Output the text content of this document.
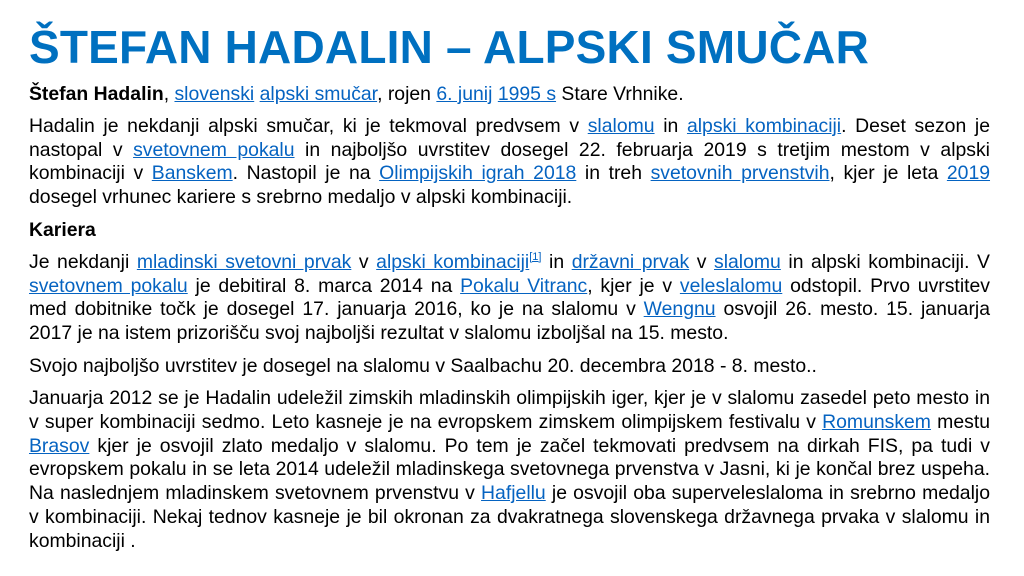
ŠTEFAN HADALIN – ALPSKI SMUČAR

Štefan Hadalin, slovenski alpski smučar, rojen 6. junij 1995 s Stare Vrhnike.

Hadalin je nekdanji alpski smučar, ki je tekmoval predvsem v slalomu in alpski kombinaciji. Deset sezon je nastopal v svetovnem pokalu in najboljšo uvrstitev dosegel 22. februarja 2019 s tretjim mestom v alpski kombinaciji v Banskem. Nastopil je na Olimpijskih igrah 2018 in treh svetovnih prvenstvih, kjer je leta 2019 dosegel vrhunec kariere s srebrno medaljo v alpski kombinaciji.

Kariera

Je nekdanji mladinski svetovni prvak v alpski kombinaciji[1] in državni prvak v slalomu in alpski kombinaciji. V svetovnem pokalu je debitiral 8. marca 2014 na Pokalu Vitranc, kjer je v veleslalomu odstopil. Prvo uvrstitev med dobitnike točk je dosegel 17. januarja 2016, ko je na slalomu v Wengnu osvojil 26. mesto. 15. januarja 2017 je na istem prizorišču svoj najboljši rezultat v slalomu izboljšal na 15. mesto.

Svojo najboljšo uvrstitev je dosegel na slalomu v Saalbachu 20. decembra 2018 - 8. mesto..

Januarja 2012 se je Hadalin udeležil zimskih mladinskih olimpijskih iger, kjer je v slalomu zasedel peto mesto in v super kombinaciji sedmo. Leto kasneje je na evropskem zimskem olimpijskem festivalu v Romunskem mestu Brasov kjer je osvojil zlato medaljo v slalomu. Po tem je začel tekmovati predvsem na dirkah FIS, pa tudi v evropskem pokalu in se leta 2014 udeležil mladinskega svetovnega prvenstva v Jasni, ki je končal brez uspeha. Na naslednjem mladinskem svetovnem prvenstvu v Hafjellu je osvojil oba superveleslaloma in srebrno medaljo v kombinaciji. Nekaj tednov kasneje je bil okronan za dvakratnega slovenskega državnega prvaka v slalomu in kombinaciji .
